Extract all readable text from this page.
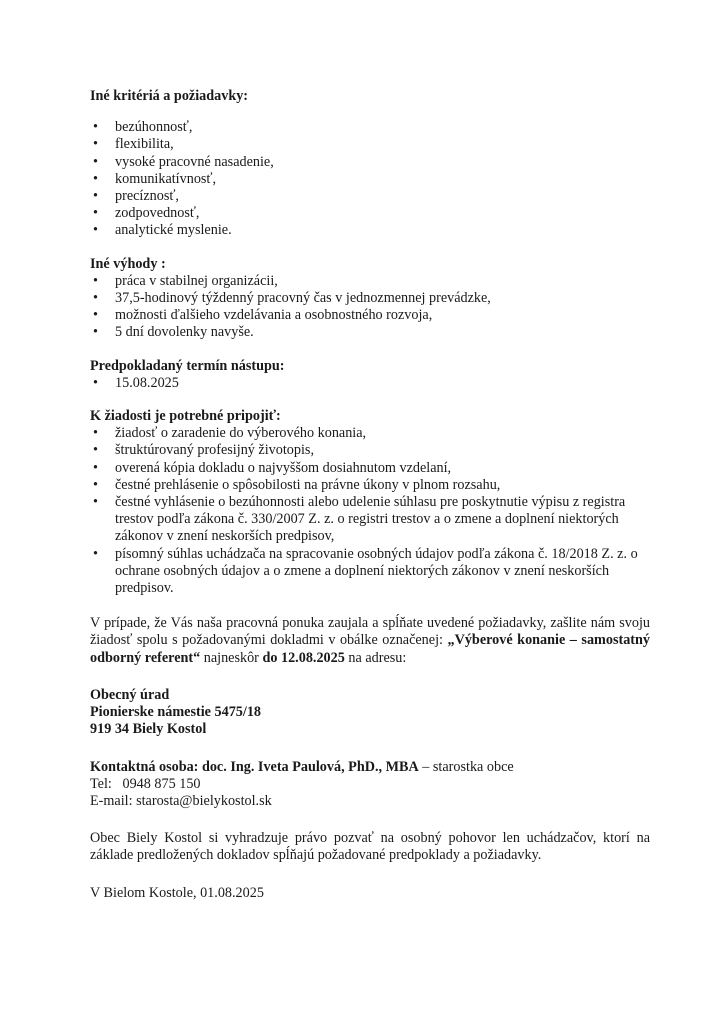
Iné kritériá a požiadavky:

• bezúhonnosť,
• flexibilita,
• vysoké pracovné nasadenie,
• komunikatívnosť,
• precíznosť,
• zodpovednosť,
• analytické myslenie.

Iné výhody :

• práca v stabilnej organizácii,
• 37,5-hodinový týždenný pracovný čas v jednozmennej prevádzke,
• možnosti ďalšieho vzdelávania a osobnostného rozvoja,
• 5 dní dovolenky navyše.

Predpokladaný termín nástupu:

• 15.08.2025

K žiadosti je potrebné pripojiť:

• žiadosť o zaradenie do výberového konania,
• štruktúrovaný profesijný životopis,
• overená kópia dokladu o najvyššom dosiahnutom vzdelaní,
• čestné prehlásenie o spôsobilosti na právne úkony v plnom rozsahu,
• čestné vyhlásenie o bezúhonnosti alebo udelenie súhlasu pre poskytnutie výpisu z registra trestov podľa zákona č. 330/2007 Z. z. o registri trestov a o zmene a doplnení niektorých zákonov v znení neskorších predpisov,
• písomný súhlas uchádzača na spracovanie osobných údajov podľa zákona č. 18/2018 Z. z. o ochrane osobných údajov a o zmene a doplnení niektorých zákonov v znení neskorších predpisov.

V prípade, že Vás naša pracovná ponuka zaujala a spĺňate uvedené požiadavky, zašlite nám svoju žiadosť spolu s požadovanými dokladmi v obálke označenej: „Výberové konanie – samostatný odborný referent“ najneskôr do 12.08.2025 na adresu:

Obecný úrad

Pionierske námestie 5475/18

919 34 Biely Kostol

Kontaktná osoba: doc. Ing. Iveta Paulová, PhD., MBA – starostka obce

Tel:   0948 875 150

E-mail: starosta@bielykostol.sk

Obec Biely Kostol si vyhradzuje právo pozvať na osobný pohovor len uchádzačov, ktorí na základe predložených dokladov spĺňajú požadované predpoklady a požiadavky.

V Bielom Kostole, 01.08.2025
